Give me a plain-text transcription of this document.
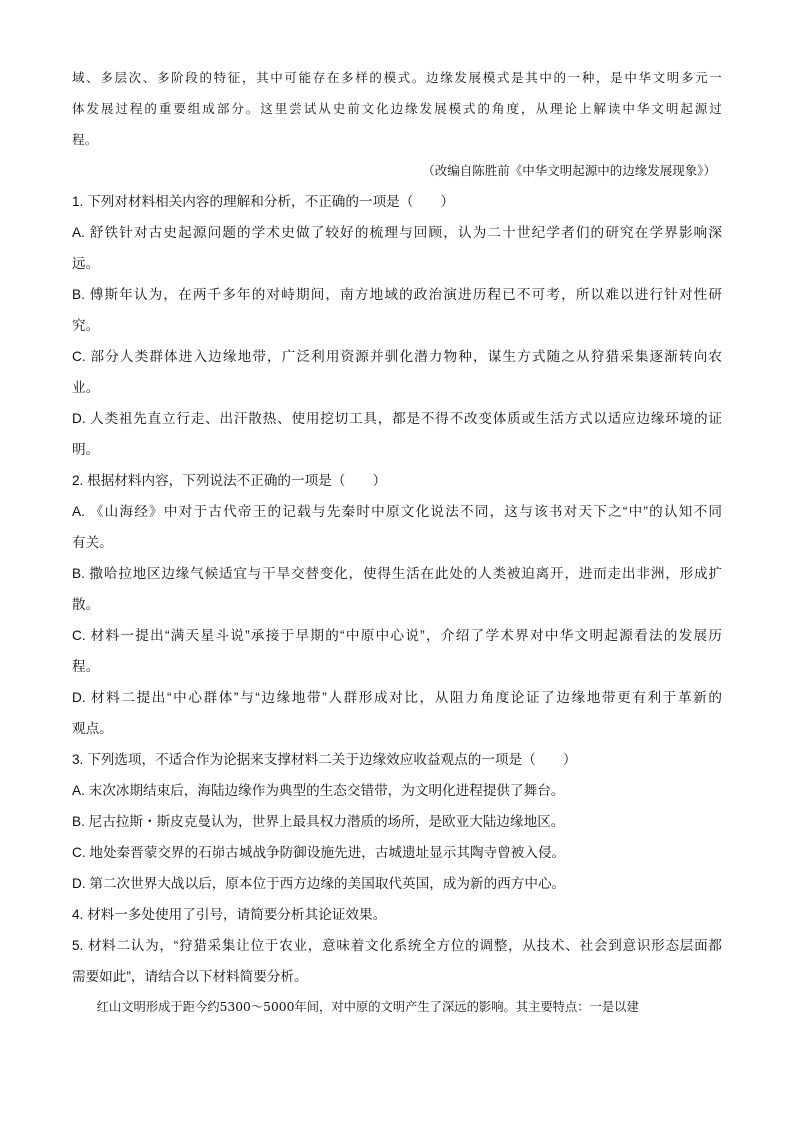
域、多层次、多阶段的特征，其中可能存在多样的模式。边缘发展模式是其中的一种，是中华文明多元一
体发展过程的重要组成部分。这里尝试从史前文化边缘发展模式的角度，从理论上解读中华文明起源过
程。
（改编自陈胜前《中华文明起源中的边缘发展现象》）
1. 下列对材料相关内容的理解和分析，不正确的一项是（　　）
A. 舒铁针对古史起源问题的学术史做了较好的梳理与回顾，认为二十世纪学者们的研究在学界影响深
远。
B. 傅斯年认为，在两千多年的对峙期间，南方地域的政治演进历程已不可考，所以难以进行针对性研
究。
C. 部分人类群体进入边缘地带，广泛利用资源并驯化潜力物种，谋生方式随之从狩猎采集逐渐转向农
业。
D. 人类祖先直立行走、出汗散热、使用挖切工具，都是不得不改变体质或生活方式以适应边缘环境的证
明。
2. 根据材料内容，下列说法不正确的一项是（　　）
A. 《山海经》中对于古代帝王的记载与先秦时中原文化说法不同，这与该书对天下之“中”的认知不同
有关。
B. 撒哈拉地区边缘气候适宜与干旱交替变化，使得生活在此处的人类被迫离开，进而走出非洲，形成扩
散。
C. 材料一提出“满天星斗说”承接于早期的“中原中心说”，介绍了学术界对中华文明起源看法的发展历
程。
D. 材料二提出“中心群体”与“边缘地带”人群形成对比，从阻力角度论证了边缘地带更有利于革新的
观点。
3. 下列选项，不适合作为论据来支撑材料二关于边缘效应收益观点的一项是（　　）
A. 末次冰期结束后，海陆边缘作为典型的生态交错带，为文明化进程提供了舞台。
B. 尼古拉斯・斯皮克曼认为，世界上最具权力潜质的场所，是欧亚大陆边缘地区。
C. 地处秦晋蒙交界的石峁古城战争防御设施先进，古城遗址显示其陶寺曾被入侵。
D. 第二次世界大战以后，原本位于西方边缘的美国取代英国，成为新的西方中心。
4. 材料一多处使用了引号，请简要分析其论证效果。
5. 材料二认为，“狩猎采集让位于农业，意味着文化系统全方位的调整，从技术、社会到意识形态层面都
需要如此”，请结合以下材料简要分析。
红山文明形成于距今约5300～5000年间，对中原的文明产生了深远的影响。其主要特点：一是以建
